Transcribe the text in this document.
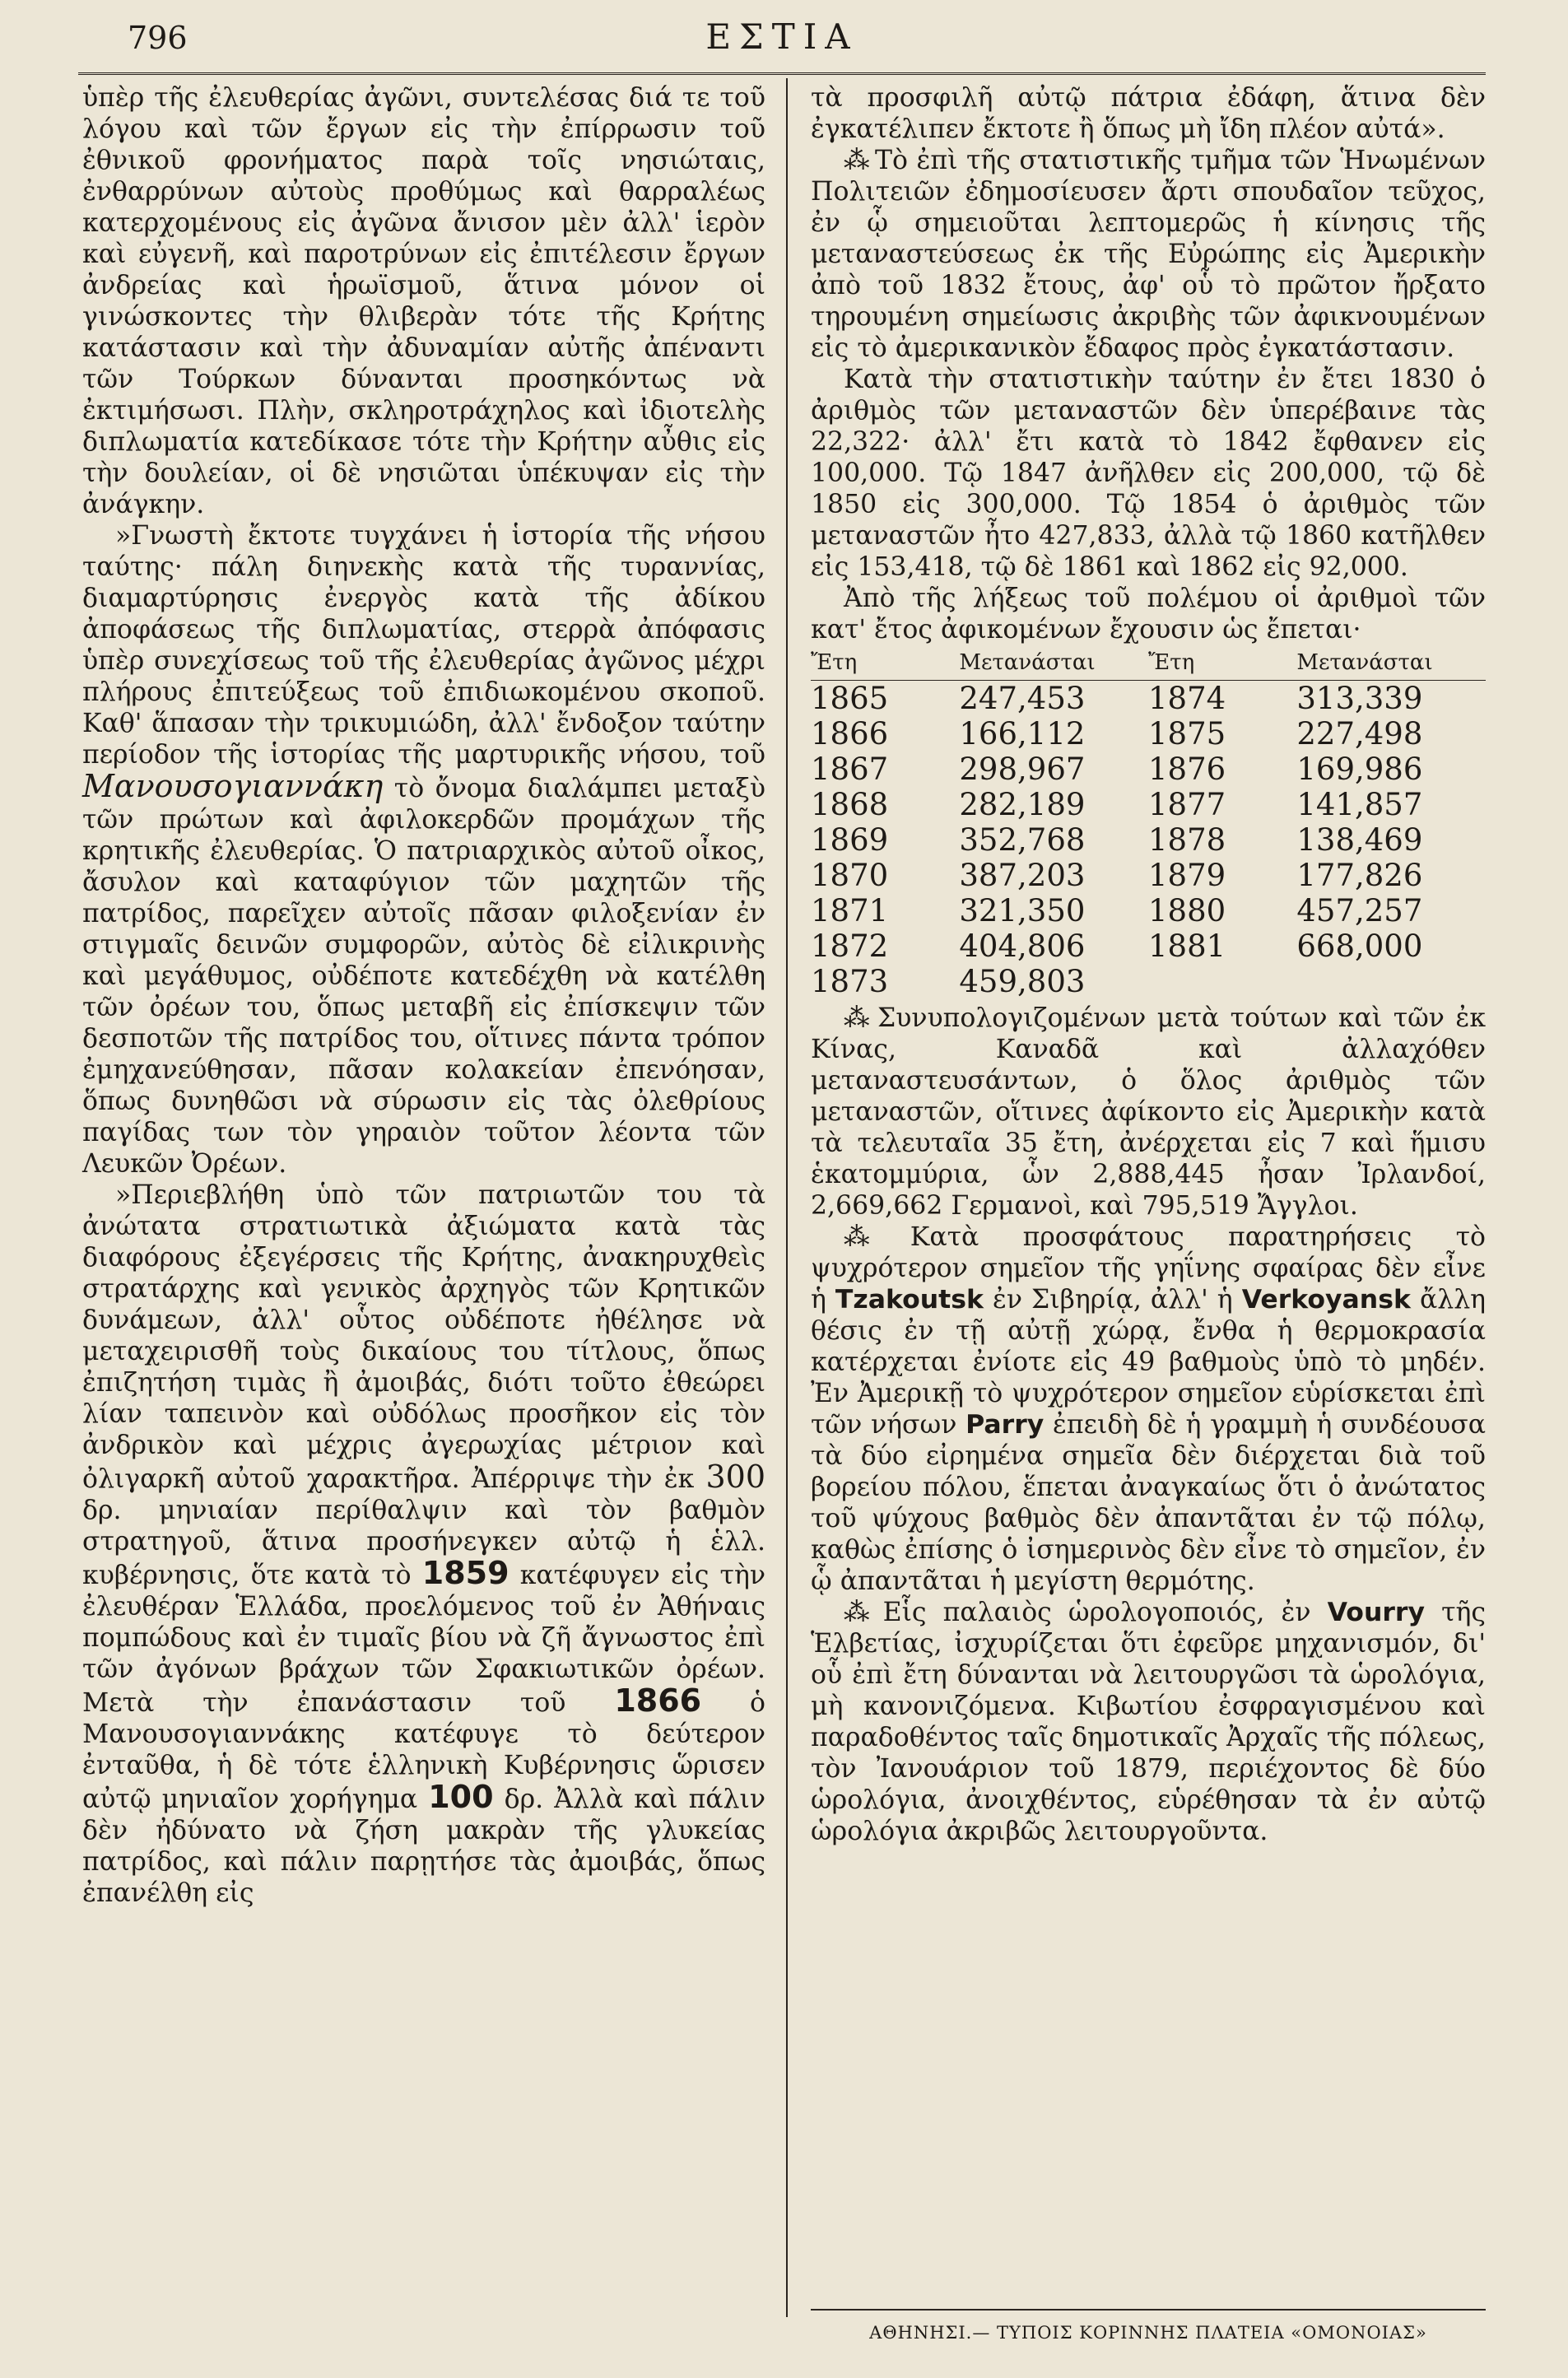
796	ΕΣΤΙΑ

ὑπὲρ τῆς ἐλευθερίας ἀγῶνι, συντελέσας διά τε τοῦ λόγου καὶ τῶν ἔργων εἰς τὴν ἐπίρρωσιν τοῦ ἐθνικοῦ φρονήματος παρὰ τοῖς νησιώταις, ἐνθαρρύνων αὐτοὺς προθύμως καὶ θαρραλέως κατερχομένους εἰς ἀγῶνα ἄνισον μὲν ἀλλ' ἱερὸν καὶ εὐγενῆ, καὶ παροτρύνων εἰς ἐπιτέλεσιν ἔργων ἀνδρείας καὶ ἡρωϊσμοῦ, ἅτινα μόνον οἱ γινώσκοντες τὴν θλιβερὰν τότε τῆς Κρήτης κατάστασιν καὶ τὴν ἀδυναμίαν αὐτῆς ἀπέναντι τῶν Τούρκων δύνανται προσηκόντως νὰ ἐκτιμήσωσι. Πλὴν, σκληροτράχηλος καὶ ἰδιοτελὴς διπλωματία κατεδίκασε τότε τὴν Κρήτην αὖθις εἰς τὴν δουλείαν, οἱ δὲ νησιῶται ὑπέκυψαν εἰς τὴν ἀνάγκην.

»Γνωστὴ ἔκτοτε τυγχάνει ἡ ἱστορία τῆς νήσου ταύτης· πάλη διηνεκὴς κατὰ τῆς τυραννίας, διαμαρτύρησις ἐνεργὸς κατὰ τῆς ἀδίκου ἀποφάσεως τῆς διπλωματίας, στερρὰ ἀπόφασις ὑπὲρ συνεχίσεως τοῦ τῆς ἐλευθερίας ἀγῶνος μέχρι πλήρους ἐπιτεύξεως τοῦ ἐπιδιωκομένου σκοποῦ. Καθ' ἅπασαν τὴν τρικυμιώδη, ἀλλ' ἔνδοξον ταύτην περίοδον τῆς ἱστορίας τῆς μαρτυρικῆς νήσου, τοῦ Μανουσογιαννάκη τὸ ὄνομα διαλάμπει μεταξὺ τῶν πρώτων καὶ ἀφιλοκερδῶν προμάχων τῆς κρητικῆς ἐλευθερίας. Ὁ πατριαρχικὸς αὐτοῦ οἶκος, ἄσυλον καὶ καταφύγιον τῶν μαχητῶν τῆς πατρίδος, παρεῖχεν αὐτοῖς πᾶσαν φιλοξενίαν ἐν στιγμαῖς δεινῶν συμφορῶν, αὐτὸς δὲ εἰλικρινὴς καὶ μεγάθυμος, οὐδέποτε κατεδέχθη νὰ κατέλθη τῶν ὀρέων του, ὅπως μεταβῆ εἰς ἐπίσκεψιν τῶν δεσποτῶν τῆς πατρίδος του, οἵτινες πάντα τρόπον ἐμηχανεύθησαν, πᾶσαν κολακείαν ἐπενόησαν, ὅπως δυνηθῶσι νὰ σύρωσιν εἰς τὰς ὀλεθρίους παγίδας των τὸν γηραιὸν τοῦτον λέοντα τῶν Λευκῶν Ὀρέων.

»Περιεβλήθη ὑπὸ τῶν πατριωτῶν του τὰ ἀνώτατα στρατιωτικὰ ἀξιώματα κατὰ τὰς διαφόρους ἐξεγέρσεις τῆς Κρήτης, ἀνακηρυχθεὶς στρατάρχης καὶ γενικὸς ἀρχηγὸς τῶν Κρητικῶν δυνάμεων, ἀλλ' οὗτος οὐδέποτε ἠθέλησε νὰ μεταχειρισθῆ τοὺς δικαίους του τίτλους, ὅπως ἐπιζητήση τιμὰς ἢ ἀμοιβάς, διότι τοῦτο ἐθεώρει λίαν ταπεινὸν καὶ οὐδόλως προσῆκον εἰς τὸν ἀνδρικὸν καὶ μέχρις ἀγερωχίας μέτριον καὶ ὀλιγαρκῆ αὐτοῦ χαρακτῆρα. Ἀπέρριψε τὴν ἐκ 300 δρ. μηνιαίαν περίθαλψιν καὶ τὸν βαθμὸν στρατηγοῦ, ἅτινα προσήνεγκεν αὐτῷ ἡ ἑλλ. κυβέρνησις, ὅτε κατὰ τὸ 1859 κατέφυγεν εἰς τὴν ἐλευθέραν Ἑλλάδα, προελόμενος τοῦ ἐν Ἀθήναις πομπώδους καὶ ἐν τιμαῖς βίου νὰ ζῆ ἄγνωστος ἐπὶ τῶν ἀγόνων βράχων τῶν Σφακιωτικῶν ὀρέων. Μετὰ τὴν ἐπανάστασιν τοῦ 1866 ὁ Μανουσογιαννάκης κατέφυγε τὸ δεύτερον ἐνταῦθα, ἡ δὲ τότε ἑλληνικὴ Κυβέρνησις ὥρισεν αὐτῷ μηνιαῖον χορήγημα 100 δρ. Ἀλλὰ καὶ πάλιν δὲν ἠδύνατο νὰ ζήση μακρὰν τῆς γλυκείας πατρίδος, καὶ πάλιν παρῃτήσε τὰς ἀμοιβάς, ὅπως ἐπανέλθη εἰς

τὰ προσφιλῆ αὐτῷ πάτρια ἐδάφη, ἅτινα δὲν ἐγκατέλιπεν ἔκτοτε ἢ ὅπως μὴ ἴδη πλέον αὐτά».

⁂ Τὸ ἐπὶ τῆς στατιστικῆς τμῆμα τῶν Ἡνωμένων Πολιτειῶν ἐδημοσίευσεν ἄρτι σπουδαῖον τεῦχος, ἐν ᾧ σημειοῦται λεπτομερῶς ἡ κίνησις τῆς μεταναστεύσεως ἐκ τῆς Εὐρώπης εἰς Ἀμερικὴν ἀπὸ τοῦ 1832 ἔτους, ἀφ' οὗ τὸ πρῶτον ἤρξατο τηρουμένη σημείωσις ἀκριβὴς τῶν ἀφικνουμένων εἰς τὸ ἀμερικανικὸν ἔδαφος πρὸς ἐγκατάστασιν.

Κατὰ τὴν στατιστικὴν ταύτην ἐν ἔτει 1830 ὁ ἀριθμὸς τῶν μεταναστῶν δὲν ὑπερέβαινε τὰς 22,322· ἀλλ' ἔτι κατὰ τὸ 1842 ἔφθανεν εἰς 100,000. Τῷ 1847 ἀνῆλθεν εἰς 200,000, τῷ δὲ 1850 εἰς 300,000. Τῷ 1854 ὁ ἀριθμὸς τῶν μεταναστῶν ἦτο 427,833, ἀλλὰ τῷ 1860 κατῆλθεν εἰς 153,418, τῷ δὲ 1861 καὶ 1862 εἰς 92,000.

Ἀπὸ τῆς λήξεως τοῦ πολέμου οἱ ἀριθμοὶ τῶν κατ' ἔτος ἀφικομένων ἔχουσιν ὡς ἔπεται·

Ἔτη	Μετανάσται	Ἔτη	Μετανάσται
1865	247,453	1874	313,339
1866	166,112	1875	227,498
1867	298,967	1876	169,986
1868	282,189	1877	141,857
1869	352,768	1878	138,469
1870	387,203	1879	177,826
1871	321,350	1880	457,257
1872	404,806	1881	668,000
1873	459,803		

⁂ Συνυπολογιζομένων μετὰ τούτων καὶ τῶν ἐκ Κίνας, Καναδᾶ καὶ ἀλλαχόθεν μεταναστευσάντων, ὁ ὅλος ἀριθμὸς τῶν μεταναστῶν, οἵτινες ἀφίκοντο εἰς Ἀμερικὴν κατὰ τὰ τελευταῖα 35 ἔτη, ἀνέρχεται εἰς 7 καὶ ἥμισυ ἑκατομμύρια, ὧν 2,888,445 ἦσαν Ἰρλανδοί, 2,669,662 Γερμανοὶ, καὶ 795,519 Ἄγγλοι.

⁂ Κατὰ προσφάτους παρατηρήσεις τὸ ψυχρότερον σημεῖον τῆς γηΐνης σφαίρας δὲν εἶνε ἡ Tzakoutsk ἐν Σιβηρίᾳ, ἀλλ' ἡ Verkoyansk ἄλλη θέσις ἐν τῇ αὐτῇ χώρᾳ, ἔνθα ἡ θερμοκρασία κατέρχεται ἐνίοτε εἰς 49 βαθμοὺς ὑπὸ τὸ μηδέν. Ἐν Ἀμερικῇ τὸ ψυχρότερον σημεῖον εὑρίσκεται ἐπὶ τῶν νήσων Parry ἐπειδὴ δὲ ἡ γραμμὴ ἡ συνδέουσα τὰ δύο εἰρημένα σημεῖα δὲν διέρχεται διὰ τοῦ βορείου πόλου, ἕπεται ἀναγκαίως ὅτι ὁ ἀνώτατος τοῦ ψύχους βαθμὸς δὲν ἀπαντᾶται ἐν τῷ πόλῳ, καθὼς ἐπίσης ὁ ἰσημερινὸς δὲν εἶνε τὸ σημεῖον, ἐν ᾧ ἀπαντᾶται ἡ μεγίστη θερμότης.

⁂ Εἷς παλαιὸς ὡρολογοποιός, ἐν Vourry τῆς Ἑλβετίας, ἰσχυρίζεται ὅτι ἐφεῦρε μηχανισμόν, δι' οὗ ἐπὶ ἔτη δύνανται νὰ λειτουργῶσι τὰ ὡρολόγια, μὴ κανονιζόμενα. Κιβωτίου ἐσφραγισμένου καὶ παραδοθέντος ταῖς δημοτικαῖς Ἀρχαῖς τῆς πόλεως, τὸν Ἰανουάριον τοῦ 1879, περιέχοντος δὲ δύο ὡρολόγια, ἀνοιχθέντος, εὑρέθησαν τὰ ἐν αὐτῷ ὡρολόγια ἀκριβῶς λειτουργοῦντα.

ΑΘΗΝΗΣΙ.— ΤΥΠΟΙΣ ΚΟΡΙΝΝΗΣ ΠΛΑΤΕΙΑ «ΟΜΟΝΟΙΑΣ»
